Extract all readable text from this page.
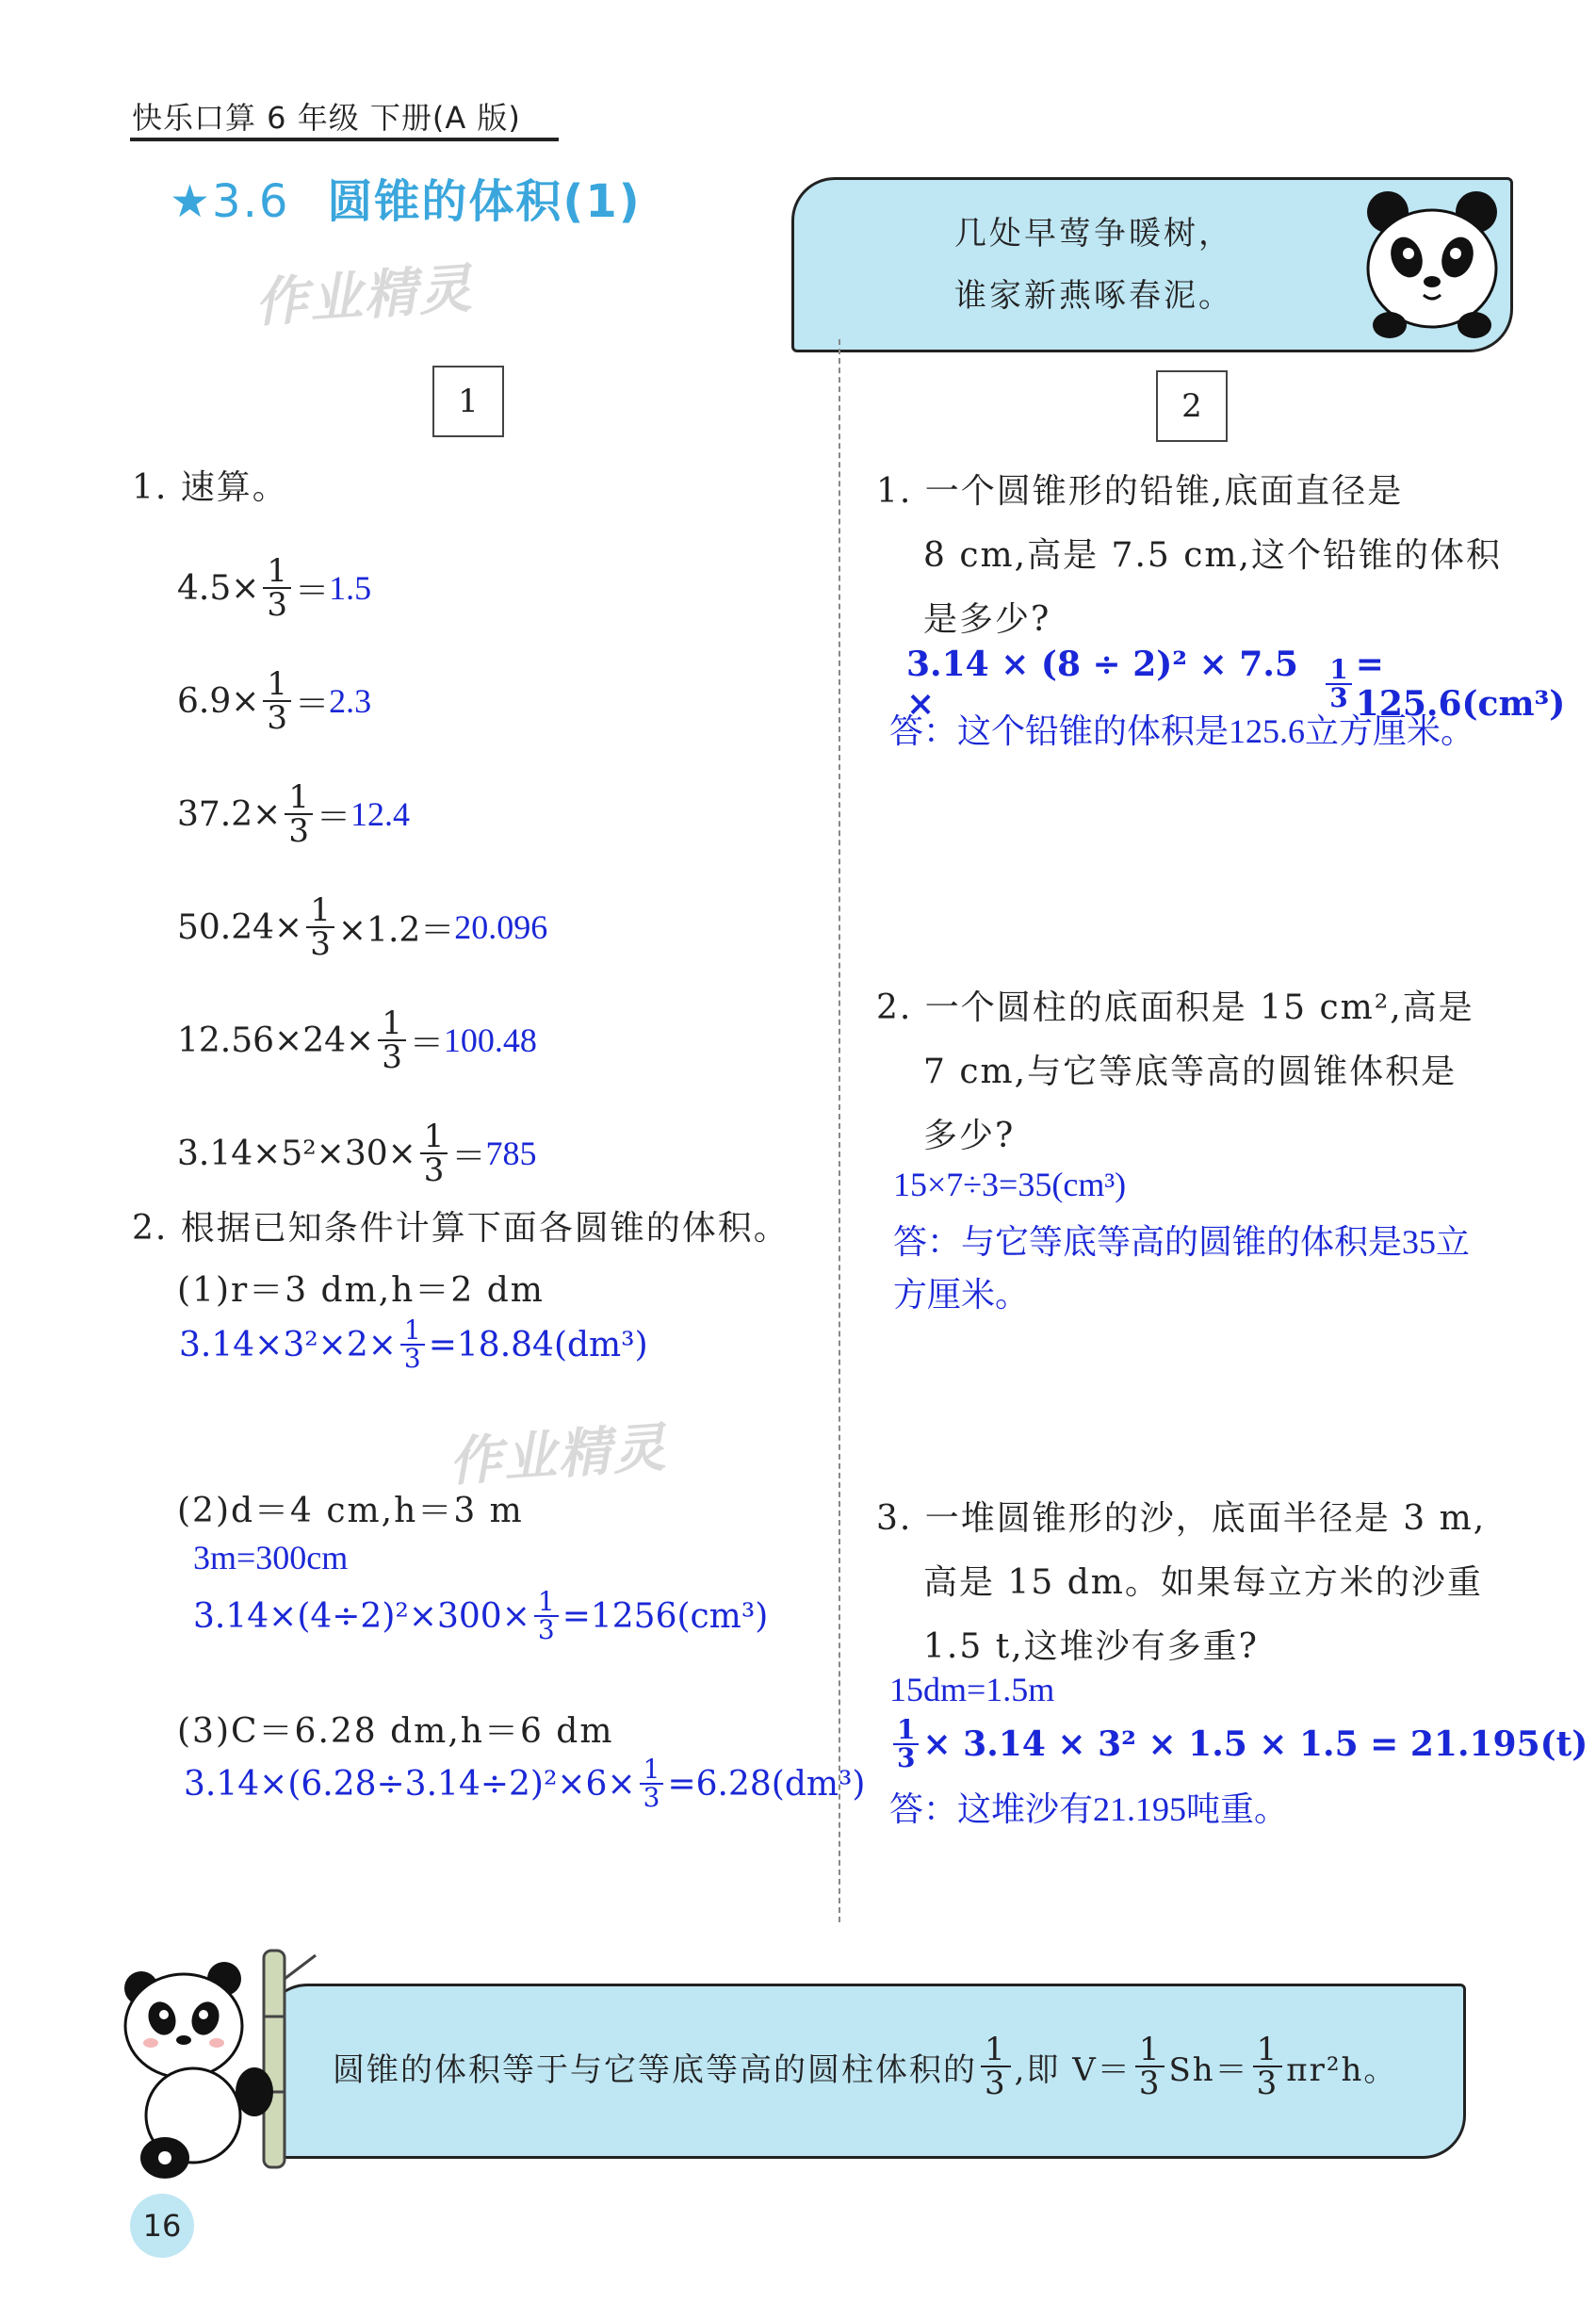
快乐口算 6 年级 下册(A 版)
★3.6 圆锥的体积(1)
作业精灵
几处早莺争暖树，
谁家新燕啄春泥。
1	2
1. 速算。
$4.5\times \frac{1}{3} = 1.5$
$6.9\times \frac{1}{3} = 2.3$
$37.2\times \frac{1}{3} = 12.4$
$50.24\times \frac{1}{3} \times 1.2= 20.096$
$12.56\times 24\times \frac{1}{3} = 100.48$
$3.14\times 5^2\times 30\times \frac{1}{3} = 785$
2. 根据已知条件计算下面各圆锥的体积。
(1)r＝3 dm,h＝2 dm
$3.14\times 3^2\times 2\times \frac{1}{3} =18.84(dm^3)$
作业精灵
(2)d＝4 cm,h＝3 m
3m=300cm
$3.14\times(4\div 2)^2\times 300\times \frac{1}{3} =1256(cm^3)$
(3)C＝6.28 dm,h＝6 dm
$3.14\times(6.28\div 3.14\div 2)^2\times 6\times \frac{1}{3} =6.28(dm^3)$
1. 一个圆锥形的铅锥,底面直径是
8 cm,高是 7.5 cm,这个铅锥的体积
是多少?
3.14 × (8 ÷ 2)² × 7.5 ×	$\frac{1}{3} = 125.6(cm^3)$
答：这个铅锥的体积是125.6立方厘米。
2. 一个圆柱的底面积是 15 cm²,高是
7 cm,与它等底等高的圆锥体积是
多少?
15×7÷3=35(cm³)
答：与它等底等高的圆锥的体积是35立
方厘米。
3. 一堆圆锥形的沙，底面半径是 3 m,
高是 15 dm。如果每立方米的沙重
1.5 t,这堆沙有多重?
15dm=1.5m
$\frac{1}{3} \times 3.14 \times 3^2 \times 1.5 \times 1.5 = 21.195(t)$
答：这堆沙有21.195吨重。
圆锥的体积等于与它等底等高的圆柱体积的 $\frac{1}{3}$ ,即 $V= \frac{1}{3} Sh= \frac{1}{3} \pi r^2h$。
16
